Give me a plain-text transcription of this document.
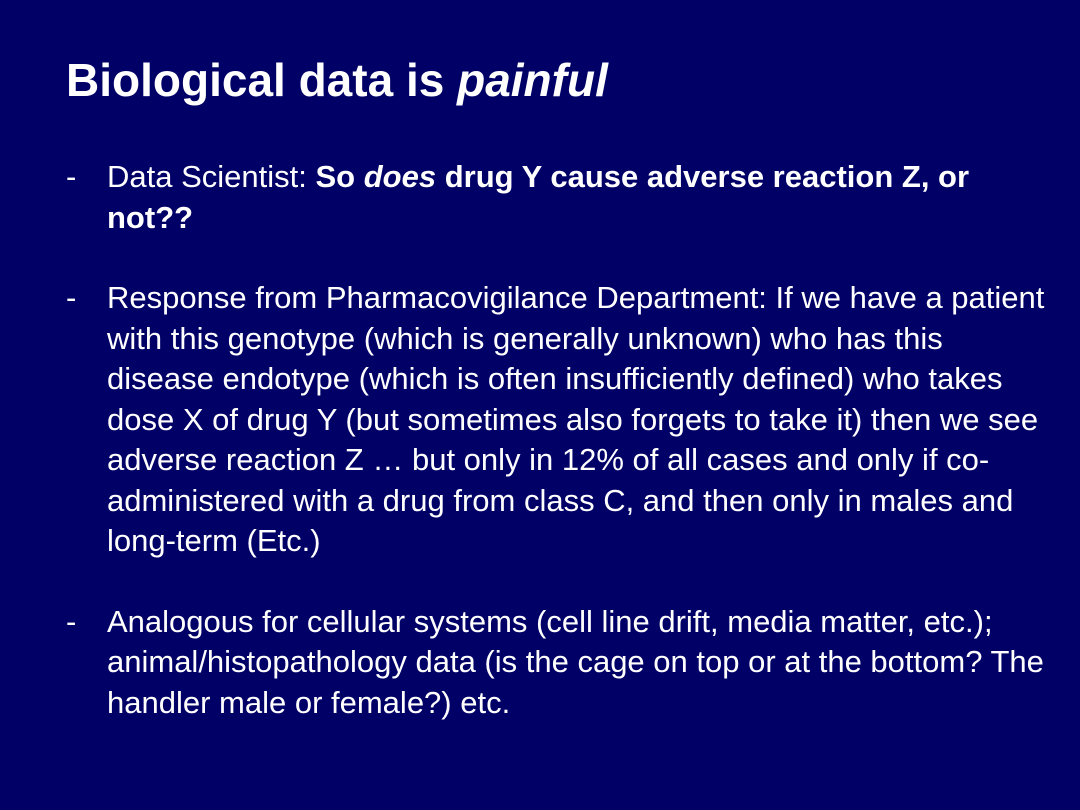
Biological data is painful
- Data Scientist: So does drug Y cause adverse reaction Z, or not??
- Response from Pharmacovigilance Department: If we have a patient with this genotype (which is generally unknown) who has this disease endotype (which is often insufficiently defined) who takes dose X of drug Y (but sometimes also forgets to take it) then we see adverse reaction Z … but only in 12% of all cases and only if co-administered with a drug from class C, and then only in males and long-term (Etc.)
- Analogous for cellular systems (cell line drift, media matter, etc.); animal/histopathology data (is the cage on top or at the bottom? The handler male or female?) etc.
